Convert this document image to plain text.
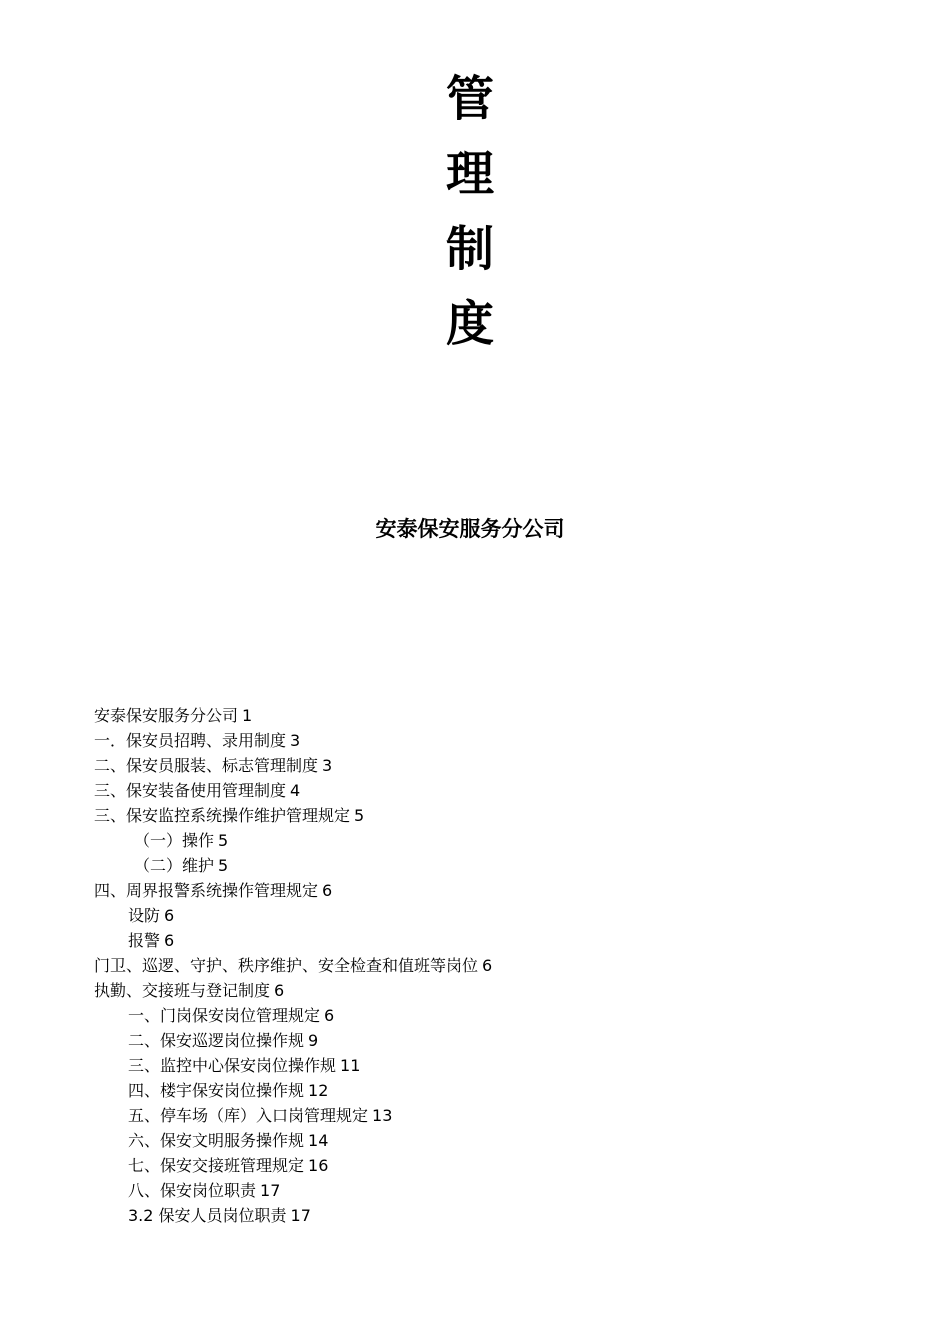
管
理
制
度
安泰保安服务分公司
安泰保安服务分公司 1
一．保安员招聘、录用制度 3
二、保安员服装、标志管理制度 3
三、保安装备使用管理制度 4
三、保安监控系统操作维护管理规定 5
（一）操作 5
（二）维护 5
四、周界报警系统操作管理规定 6
设防 6
报警 6
门卫、巡逻、守护、秩序维护、安全检查和值班等岗位 6
执勤、交接班与登记制度 6
一、门岗保安岗位管理规定 6
二、保安巡逻岗位操作规 9
三、监控中心保安岗位操作规 11
四、楼宇保安岗位操作规 12
五、停车场（库）入口岗管理规定 13
六、保安文明服务操作规 14
七、保安交接班管理规定 16
八、保安岗位职责 17
3.2 保安人员岗位职责 17
